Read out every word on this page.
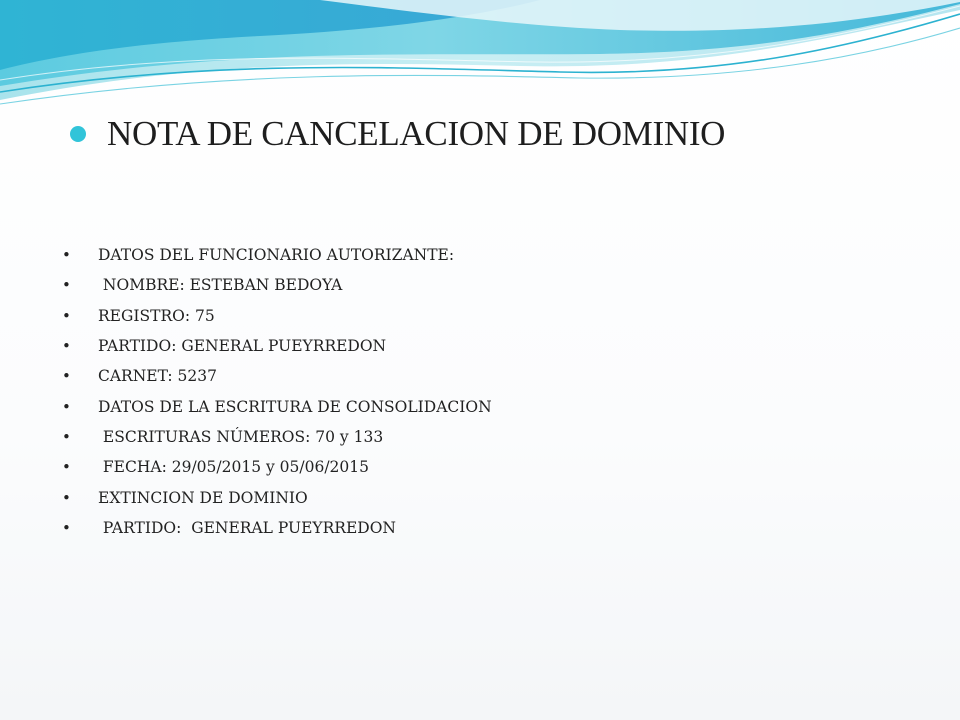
NOTA DE CANCELACION DE DOMINIO
•	DATOS DEL FUNCIONARIO AUTORIZANTE:
•	NOMBRE: ESTEBAN BEDOYA
•	REGISTRO: 75
•	PARTIDO: GENERAL PUEYRREDON
•	CARNET: 5237
•	DATOS DE LA ESCRITURA DE CONSOLIDACION
•	ESCRITURAS NÚMEROS: 70 y 133
•	FECHA: 29/05/2015 y 05/06/2015
•	EXTINCION DE DOMINIO
•	PARTIDO:  GENERAL PUEYRREDON
